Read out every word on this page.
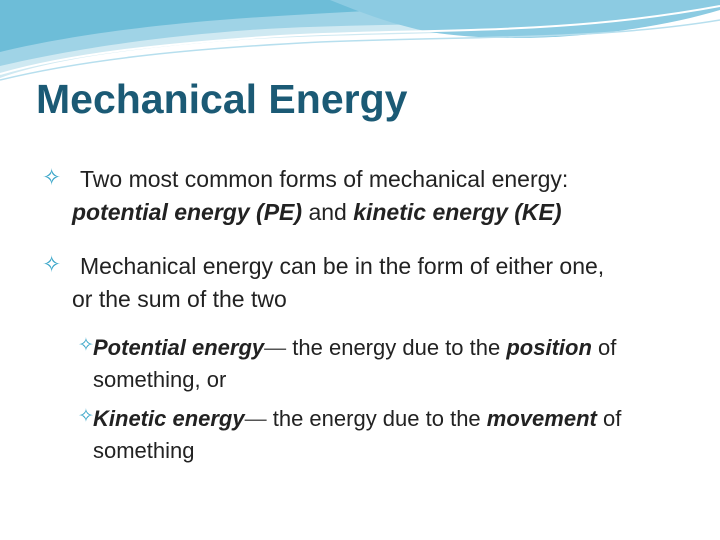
Mechanical Energy
✧ Two most common forms of mechanical energy:
potential energy (PE) and kinetic energy (KE)
✧ Mechanical energy can be in the form of either one,
or the sum of the two
✧ Potential energy— the energy due to the position of
something, or
✧ Kinetic energy— the energy due to the movement of
something
